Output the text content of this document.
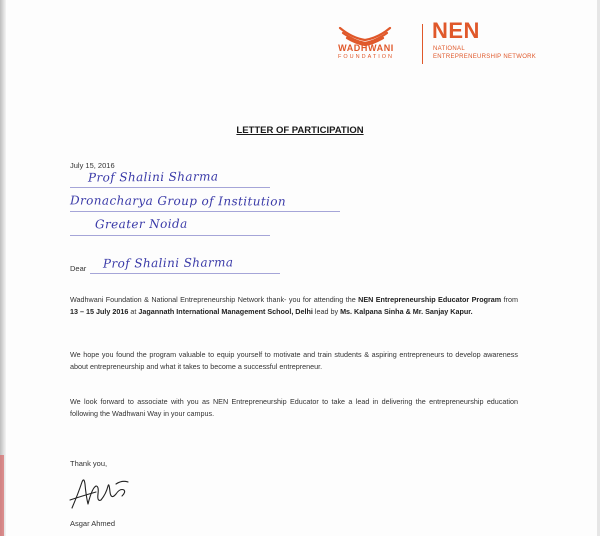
WADHWANI
FOUNDATION
NEN
NATIONAL
ENTREPRENEURSHIP NETWORK
LETTER OF PARTICIPATION
July 15, 2016
Prof Shalini Sharma
Dronacharya Group of Institution
Greater Noida
Dear Prof Shalini Sharma
Wadhwani Foundation & National Entrepreneurship Network thank- you for attending the NEN Entrepreneurship Educator Program from 13 – 15 July 2016 at Jagannath International Management School, Delhi lead by Ms. Kalpana Sinha & Mr. Sanjay Kapur.
We hope you found the program valuable to equip yourself to motivate and train students & aspiring entrepreneurs to develop awareness about entrepreneurship and what it takes to become a successful entrepreneur.
We look forward to associate with you as NEN Entrepreneurship Educator to take a lead in delivering the entrepreneurship education following the Wadhwani Way in your campus.
Thank you,
Asgar Ahmed
